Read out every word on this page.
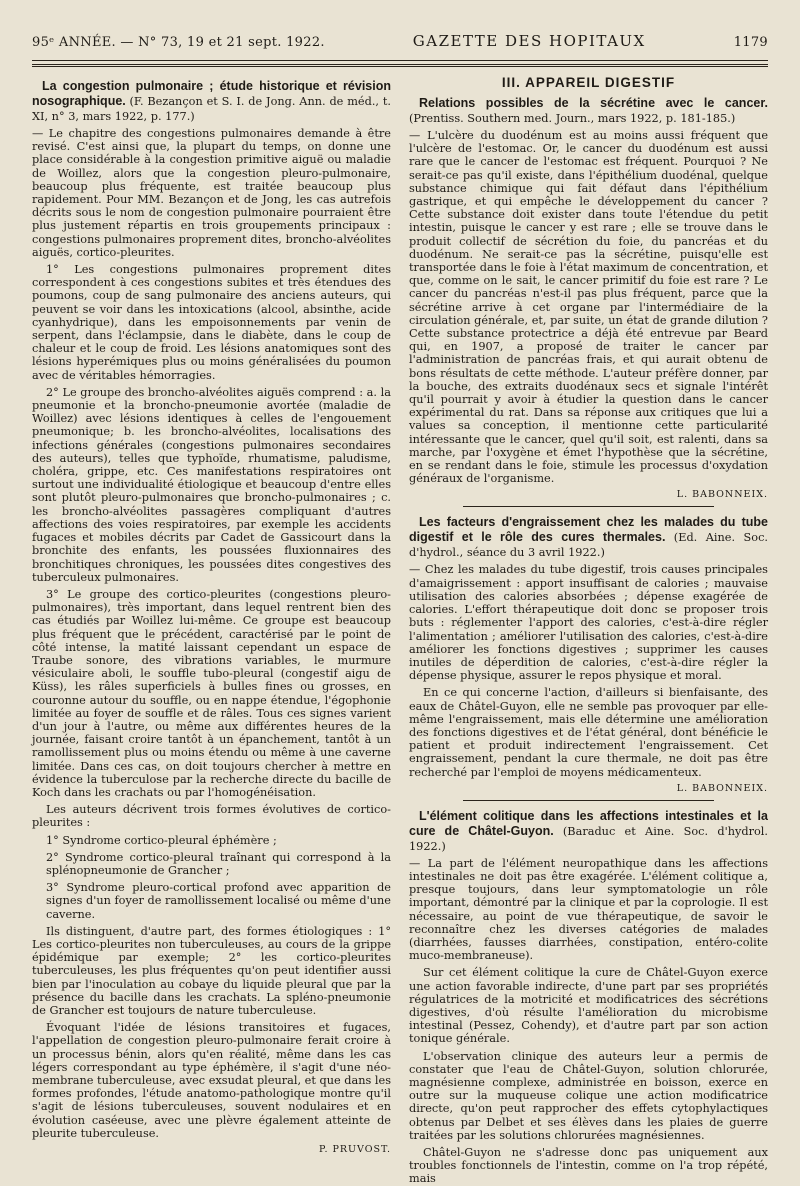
95ᵉ ANNÉE. — N° 73, 19 et 21 sept. 1922.	GAZETTE DES HOPITAUX	1179
La congestion pulmonaire ; étude historique et révision nosographique. (F. Bezançon et S. I. de Jong. Ann. de méd., t. XI, n° 3, mars 1922, p. 177.)

— Le chapitre des congestions pulmonaires demande à être revisé. C'est ainsi que, la plupart du temps, on donne une place considérable à la congestion primitive aiguë ou maladie de Woillez, alors que la congestion pleuro-pulmonaire, beaucoup plus fréquente, est traitée beaucoup plus rapidement. Pour MM. Bezançon et de Jong, les cas autrefois décrits sous le nom de congestion pulmonaire pourraient être plus justement répartis en trois groupements principaux : congestions pulmonaires proprement dites, broncho-alvéolites aiguës, cortico-pleurites.

1° Les congestions pulmonaires proprement dites correspondent à ces congestions subites et très étendues des poumons, coup de sang pulmonaire des anciens auteurs, qui peuvent se voir dans les intoxications (alcool, absinthe, acide cyanhydrique), dans les empoisonnements par venin de serpent, dans l'éclampsie, dans le diabète, dans le coup de chaleur et le coup de froid. Les lésions anatomiques sont des lésions hyperémiques plus ou moins généralisées du poumon avec de véritables hémorragies.

2° Le groupe des broncho-alvéolites aiguës comprend : a. la pneumonie et la broncho-pneumonie avortée (maladie de Woillez) avec lésions identiques à celles de l'engouement pneumonique; b. les broncho-alvéolites, localisations des infections générales (congestions pulmonaires secondaires des auteurs), telles que typhoïde, rhumatisme, paludisme, choléra, grippe, etc. Ces manifestations respiratoires ont surtout une individualité étiologique et beaucoup d'entre elles sont plutôt pleuro-pulmonaires que broncho-pulmonaires ; c. les broncho-alvéolites passagères compliquant d'autres affections des voies respiratoires, par exemple les accidents fugaces et mobiles décrits par Cadet de Gassicourt dans la bronchite des enfants, les poussées fluxionnaires des bronchitiques chroniques, les poussées dites congestives des tuberculeux pulmonaires.

3° Le groupe des cortico-pleurites (congestions pleuro-pulmonaires), très important, dans lequel rentrent bien des cas étudiés par Woillez lui-même. Ce groupe est beaucoup plus fréquent que le précédent, caractérisé par le point de côté intense, la matité laissant cependant un espace de Traube sonore, des vibrations variables, le murmure vésiculaire aboli, le souffle tubo-pleural (congestif aigu de Küss), les râles superficiels à bulles fines ou grosses, en couronne autour du souffle, ou en nappe étendue, l'égophonie limitée au foyer de souffle et de râles. Tous ces signes varient d'un jour à l'autre, ou même aux différentes heures de la journée, faisant croire tantôt à un épanchement, tantôt à un ramollissement plus ou moins étendu ou même à une caverne limitée. Dans ces cas, on doit toujours chercher à mettre en évidence la tuberculose par la recherche directe du bacille de Koch dans les crachats ou par l'homogénéisation.

Les auteurs décrivent trois formes évolutives de cortico-pleurites :

1° Syndrome cortico-pleural éphémère ;

2° Syndrome cortico-pleural traînant qui correspond à la splénopneumonie de Grancher ;

3° Syndrome pleuro-cortical profond avec apparition de signes d'un foyer de ramollissement localisé ou même d'une caverne.

Ils distinguent, d'autre part, des formes étiologiques : 1° Les cortico-pleurites non tuberculeuses, au cours de la grippe épidémique par exemple; 2° les cortico-pleurites tuberculeuses, les plus fréquentes qu'on peut identifier aussi bien par l'inoculation au cobaye du liquide pleural que par la présence du bacille dans les crachats. La spléno-pneumonie de Grancher est toujours de nature tuberculeuse.

Évoquant l'idée de lésions transitoires et fugaces, l'appellation de congestion pleuro-pulmonaire ferait croire à un processus bénin, alors qu'en réalité, même dans les cas légers correspondant au type éphémère, il s'agit d'une néo-membrane tuberculeuse, avec exsudat pleural, et que dans les formes profondes, l'étude anatomo-pathologique montre qu'il s'agit de lésions tuberculeuses, souvent nodulaires et en évolution caséeuse, avec une plèvre également atteinte de pleurite tuberculeuse.

P. PRUVOST.
III. APPAREIL DIGESTIF
Relations possibles de la sécrétine avec le cancer. (Prentiss. Southern med. Journ., mars 1922, p. 181-185.)

— L'ulcère du duodénum est au moins aussi fréquent que l'ulcère de l'estomac. Or, le cancer du duodénum est aussi rare que le cancer de l'estomac est fréquent. Pourquoi ? Ne serait-ce pas qu'il existe, dans l'épithélium duodénal, quelque substance chimique qui fait défaut dans l'épithélium gastrique, et qui empêche le développement du cancer ? Cette substance doit exister dans toute l'étendue du petit intestin, puisque le cancer y est rare ; elle se trouve dans le produit collectif de sécrétion du foie, du pancréas et du duodénum. Ne serait-ce pas la sécrétine, puisqu'elle est transportée dans le foie à l'état maximum de concentration, et que, comme on le sait, le cancer primitif du foie est rare ? Le cancer du pancréas n'est-il pas plus fréquent, parce que la sécrétine arrive à cet organe par l'intermédiaire de la circulation générale, et, par suite, un état de grande dilution ? Cette substance protectrice a déjà été entrevue par Beard qui, en 1907, a proposé de traiter le cancer par l'administration de pancréas frais, et qui aurait obtenu de bons résultats de cette méthode. L'auteur préfère donner, par la bouche, des extraits duodénaux secs et signale l'intérêt qu'il pourrait y avoir à étudier la question dans le cancer expérimental du rat. Dans sa réponse aux critiques que lui a values sa conception, il mentionne cette particularité intéressante que le cancer, quel qu'il soit, est ralenti, dans sa marche, par l'oxygène et émet l'hypothèse que la sécrétine, en se rendant dans le foie, stimule les processus d'oxydation généraux de l'organisme.

L. BABONNEIX.
Les facteurs d'engraissement chez les malades du tube digestif et le rôle des cures thermales. (Ed. Aine. Soc. d'hydrol., séance du 3 avril 1922.)

— Chez les malades du tube digestif, trois causes principales d'amaigrissement : apport insuffisant de calories ; mauvaise utilisation des calories absorbées ; dépense exagérée de calories. L'effort thérapeutique doit donc se proposer trois buts : réglementer l'apport des calories, c'est-à-dire régler l'alimentation ; améliorer l'utilisation des calories, c'est-à-dire améliorer les fonctions digestives ; supprimer les causes inutiles de déperdition de calories, c'est-à-dire régler la dépense physique, assurer le repos physique et moral.

En ce qui concerne l'action, d'ailleurs si bienfaisante, des eaux de Châtel-Guyon, elle ne semble pas provoquer par elle-même l'engraissement, mais elle détermine une amélioration des fonctions digestives et de l'état général, dont bénéficie le patient et produit indirectement l'engraissement. Cet engraissement, pendant la cure thermale, ne doit pas être recherché par l'emploi de moyens médicamenteux.

L. BABONNEIX.
L'élément colitique dans les affections intestinales et la cure de Châtel-Guyon. (Baraduc et Aine. Soc. d'hydrol. 1922.)

— La part de l'élément neuropathique dans les affections intestinales ne doit pas être exagérée. L'élément colitique a, presque toujours, dans leur symptomatologie un rôle important, démontré par la clinique et par la coprologie. Il est nécessaire, au point de vue thérapeutique, de savoir le reconnaître chez les diverses catégories de malades (diarrhées, fausses diarrhées, constipation, entéro-colite muco-membraneuse).

Sur cet élément colitique la cure de Châtel-Guyon exerce une action favorable indirecte, d'une part par ses propriétés régulatrices de la motricité et modificatrices des sécrétions digestives, d'où résulte l'amélioration du microbisme intestinal (Pessez, Cohendy), et d'autre part par son action tonique générale.

L'observation clinique des auteurs leur a permis de constater que l'eau de Châtel-Guyon, solution chlorurée, magnésienne complexe, administrée en boisson, exerce en outre sur la muqueuse colique une action modificatrice directe, qu'on peut rapprocher des effets cytophylactiques obtenus par Delbet et ses élèves dans les plaies de guerre traitées par les solutions chlorurées magnésiennes.

Châtel-Guyon ne s'adresse donc pas uniquement aux troubles fonctionnels de l'intestin, comme on l'a trop répété, mais
